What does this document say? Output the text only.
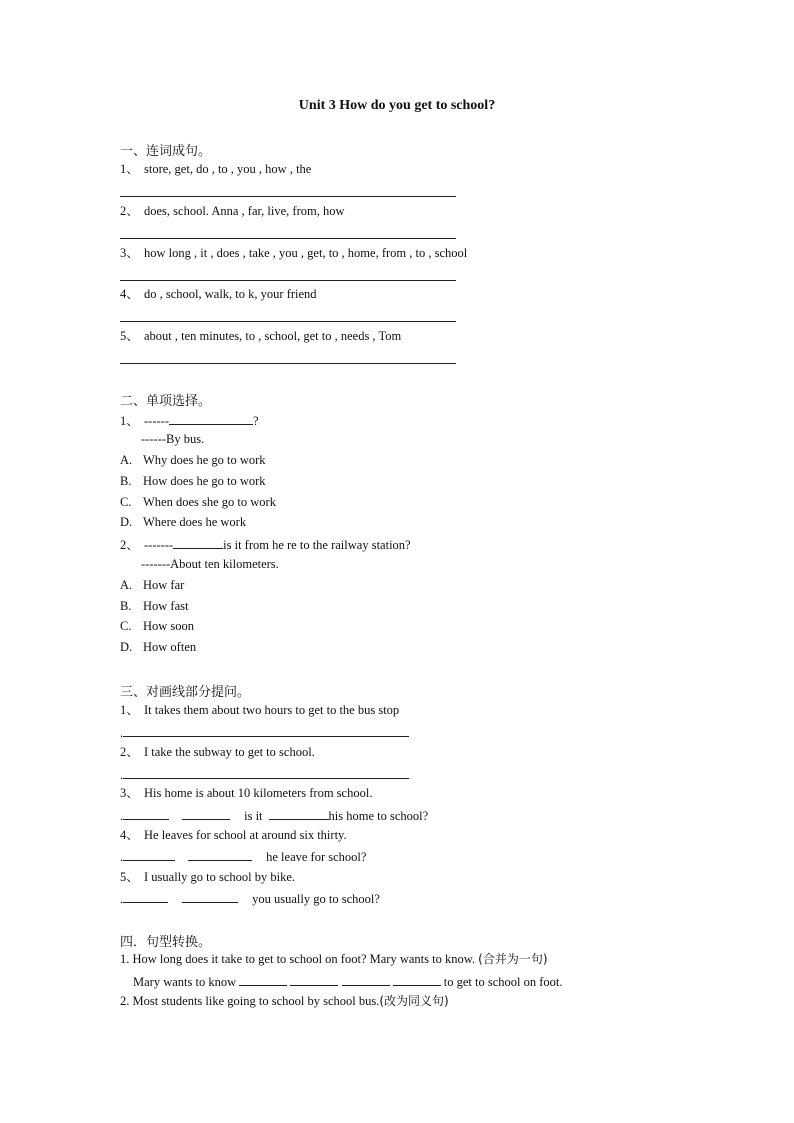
Unit 3 How do you get to school?
一、连词成句。
1、 store, get, do , to , you , how , the
2、 does, school. Anna , far, live, from, how
3、 how long , it , does , take , you , get, to , home, from , to , school
4、 do , school, walk, to k, your friend
5、 about , ten minutes, to , school, get to , needs , Tom
二、单项选择。
1、 ------	?
------By bus.
A. Why does he go to work
B. How does he go to work
C. When does she go to work
D. Where does he work
2、 -------	is it from he re to the railway station?
-------About ten kilometers.
A. How far
B. How fast
C. How soon
D. How often
三、对画线部分提问。
1、 It takes them about two hours to get to the bus stop
.
2、 I take the subway to get to school.
.
3、 His home is about 10 kilometers from school.
.	is it	his home to school?
4、 He leaves for school at around six thirty.
.	he leave for school?
5、 I usually go to school by bike.
.	you usually go to school?
四．句型转换。
1. How long does it take to get to school on foot? Mary wants to know. (合并为一句)
Mary wants to know	to get to school on foot.
2. Most students like going to school by school bus.(改为同义句)
